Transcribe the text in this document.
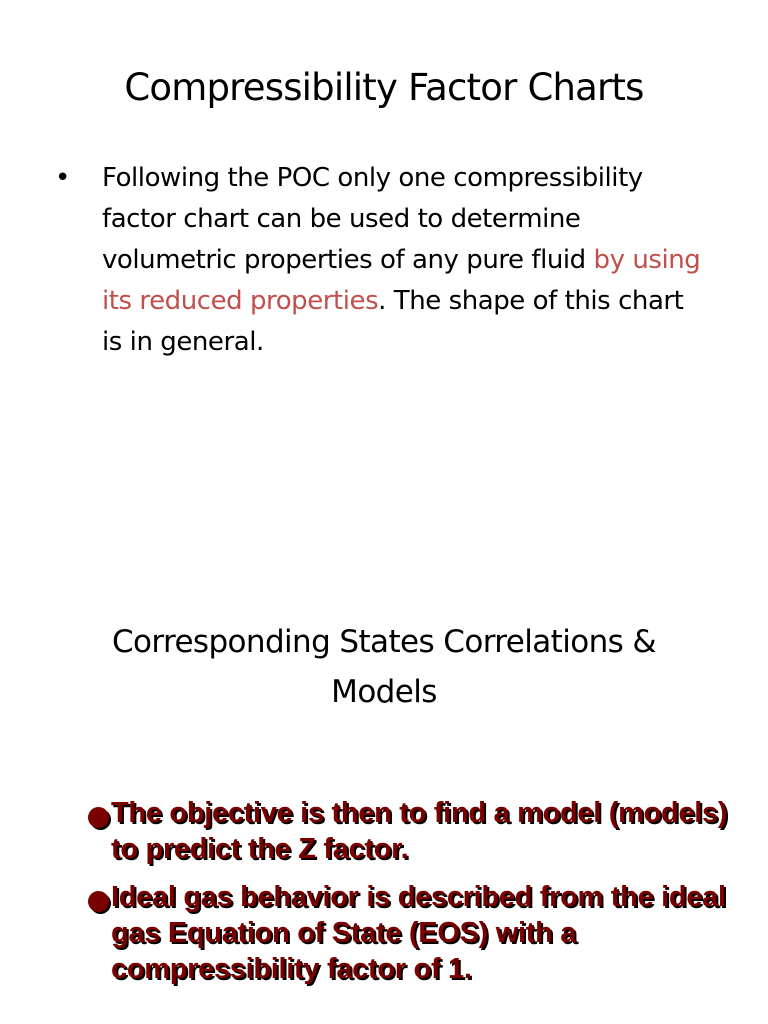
Compressibility Factor Charts
• Following the POC only one compressibility factor chart can be used to determine volumetric properties of any pure fluid by using its reduced properties. The shape of this chart is in general.
Corresponding States Correlations &
Models
The objective is then to find a model (models) to predict the Z factor.
Ideal gas behavior is described from the ideal gas Equation of State (EOS) with a compressibility factor of 1.
